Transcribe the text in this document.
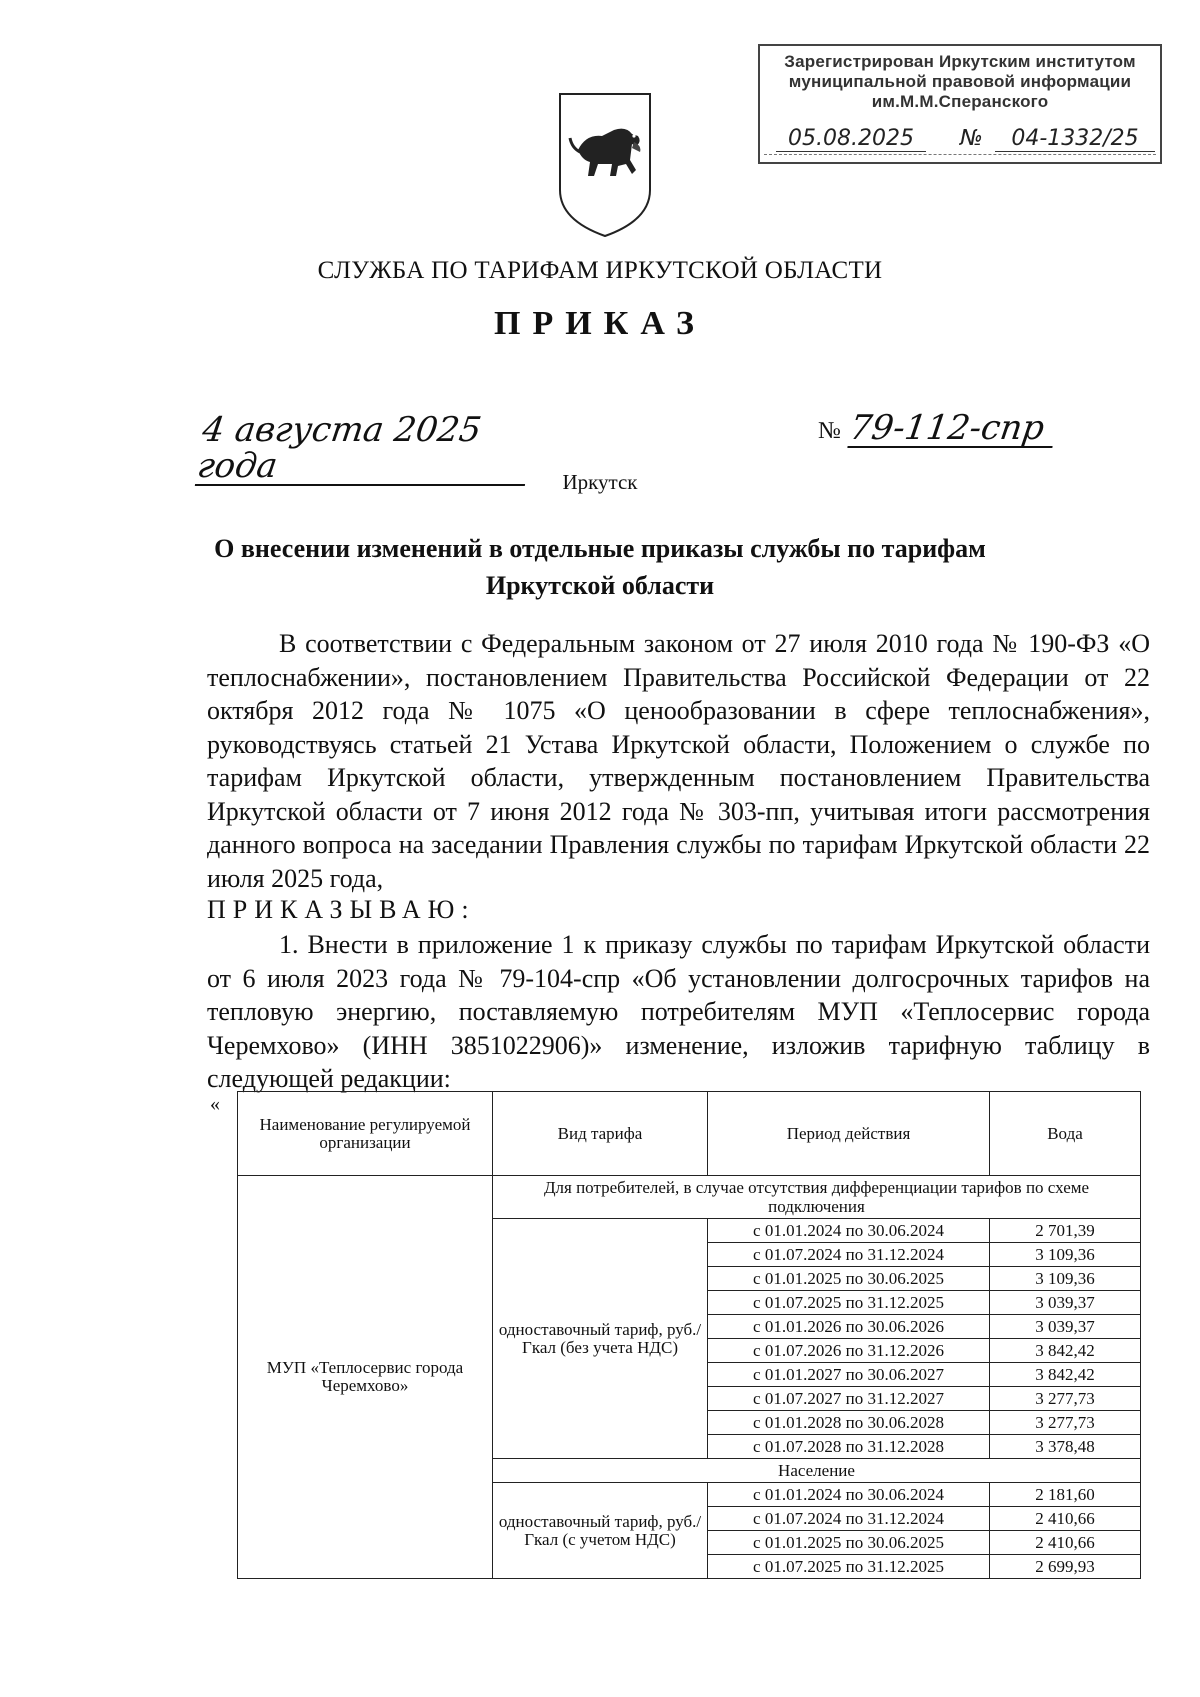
Зарегистрирован Иркутским институтом
муниципальной правовой информации
им.М.М.Сперанского
05.08.2025	№	04-1332/25
СЛУЖБА ПО ТАРИФАМ ИРКУТСКОЙ ОБЛАСТИ
ПРИКАЗ
4 августа 2025 года
№ 79-112-спр
Иркутск
О внесении изменений в отдельные приказы службы по тарифам Иркутской области
В соответствии с Федеральным законом от 27 июля 2010 года № 190-ФЗ «О теплоснабжении», постановлением Правительства Российской Федерации от 22 октября 2012 года № 1075 «О ценообразовании в сфере теплоснабжения», руководствуясь статьей 21 Устава Иркутской области, Положением о службе по тарифам Иркутской области, утвержденным постановлением Правительства Иркутской области от 7 июня 2012 года № 303-пп, учитывая итоги рассмотрения данного вопроса на заседании Правления службы по тарифам Иркутской области 22 июля 2025 года,
ПРИКАЗЫВАЮ:
1. Внести в приложение 1 к приказу службы по тарифам Иркутской области от 6 июля 2023 года № 79-104-спр «Об установлении долгосрочных тарифов на тепловую энергию, поставляемую потребителям МУП «Теплосервис города Черемхово» (ИНН 3851022906)» изменение, изложив тарифную таблицу в следующей редакции:
«
Наименование регулируемой организации	Вид тарифа	Период действия	Вода
МУП «Теплосервис города Черемхово»	Для потребителей, в случае отсутствия дифференциации тарифов по схеме подключения		
	одноставочный тариф, руб./Гкал (без учета НДС)	с 01.01.2024 по 30.06.2024	2 701,39
		с 01.07.2024 по 31.12.2024	3 109,36
		с 01.01.2025 по 30.06.2025	3 109,36
		с 01.07.2025 по 31.12.2025	3 039,37
		с 01.01.2026 по 30.06.2026	3 039,37
		с 01.07.2026 по 31.12.2026	3 842,42
		с 01.01.2027 по 30.06.2027	3 842,42
		с 01.07.2027 по 31.12.2027	3 277,73
		с 01.01.2028 по 30.06.2028	3 277,73
		с 01.07.2028 по 31.12.2028	3 378,48
	Население		
	одноставочный тариф, руб./Гкал (с учетом НДС)	с 01.01.2024 по 30.06.2024	2 181,60
		с 01.07.2024 по 31.12.2024	2 410,66
		с 01.01.2025 по 30.06.2025	2 410,66
		с 01.07.2025 по 31.12.2025	2 699,93
